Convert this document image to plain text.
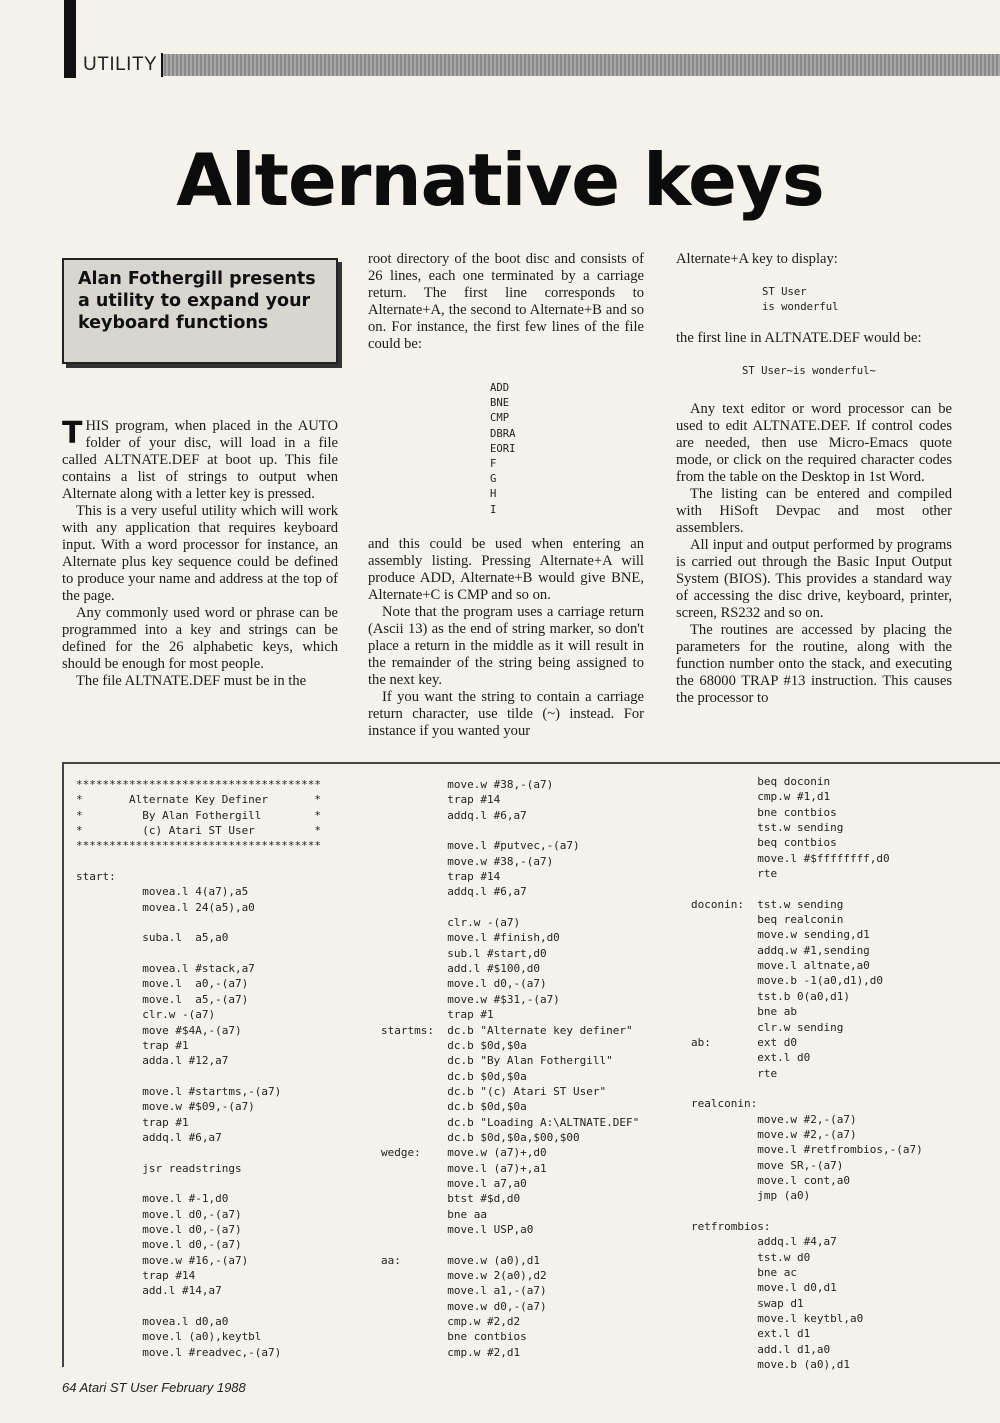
UTILITY
Alternative keys
Alan Fothergill presents a utility to expand your keyboard functions

THIS program, when placed in the AUTO folder of your disc, will load in a file called ALTNATE.DEF at boot up. This file contains a list of strings to output when Alternate along with a letter key is pressed.

This is a very useful utility which will work with any application that requires keyboard input. With a word processor for instance, an Alternate plus key sequence could be defined to produce your name and address at the top of the page.

Any commonly used word or phrase can be programmed into a key and strings can be defined for the 26 alphabetic keys, which should be enough for most people.

The file ALTNATE.DEF must be in the

root directory of the boot disc and consists of 26 lines, each one terminated by a carriage return. The first line corresponds to Alternate+A, the second to Alternate+B and so on. For instance, the first few lines of the file could be:

ADD
BNE
CMP
DBRA
EORI
F
G
H
I

and this could be used when entering an assembly listing. Pressing Alternate+A will produce ADD, Alternate+B would give BNE, Alternate+C is CMP and so on.

Note that the program uses a carriage return (Ascii 13) as the end of string marker, so don't place a return in the middle as it will result in the remainder of the string being assigned to the next key.

If you want the string to contain a carriage return character, use tilde (~) instead. For instance if you wanted your

Alternate+A key to display:

ST User
is wonderful

the first line in ALTNATE.DEF would be:

ST User~is wonderful~

Any text editor or word processor can be used to edit ALTNATE.DEF. If control codes are needed, then use Micro-Emacs quote mode, or click on the required character codes from the table on the Desktop in 1st Word.

The listing can be entered and compiled with HiSoft Devpac and most other assemblers.

All input and output performed by programs is carried out through the Basic Input Output System (BIOS). This provides a standard way of accessing the disc drive, keyboard, printer, screen, RS232 and so on.

The routines are accessed by placing the parameters for the routine, along with the function number onto the stack, and executing the 68000 TRAP #13 instruction. This causes the processor to

*************************************
*       Alternate Key Definer       *
*         By Alan Fothergill        *
*         (c) Atari ST User         *
*************************************

start:
movea.l 4(a7),a5
movea.l 24(a5),a0

suba.l  a5,a0

movea.l #stack,a7
move.l  a0,-(a7)
move.l  a5,-(a7)
clr.w -(a7)
move #$4A,-(a7)
trap #1
adda.l #12,a7

move.l #startms,-(a7)
move.w #$09,-(a7)
trap #1
addq.l #6,a7

jsr readstrings

move.l #-1,d0
move.l d0,-(a7)
move.l d0,-(a7)
move.l d0,-(a7)
move.w #16,-(a7)
trap #14
add.l #14,a7

movea.l d0,a0
move.l (a0),keytbl
move.l #readvec,-(a7)
move.w #38,-(a7)
trap #14
addq.l #6,a7

move.l #putvec,-(a7)
move.w #38,-(a7)
trap #14
addq.l #6,a7

clr.w -(a7)
move.l #finish,d0
sub.l #start,d0
add.l #$100,d0
move.l d0,-(a7)
move.w #$31,-(a7)
trap #1
startms:  dc.b "Alternate key definer"
dc.b $0d,$0a
dc.b "By Alan Fothergill"
dc.b $0d,$0a
dc.b "(c) Atari ST User"
dc.b $0d,$0a
dc.b "Loading A:\ALTNATE.DEF"
dc.b $0d,$0a,$00,$00
wedge:    move.w (a7)+,d0
move.l (a7)+,a1
move.l a7,a0
btst #$d,d0
bne aa
move.l USP,a0

aa:       move.w (a0),d1
move.w 2(a0),d2
move.l a1,-(a7)
move.w d0,-(a7)
cmp.w #2,d2
bne contbios
cmp.w #2,d1
beq doconin
cmp.w #1,d1
bne contbios
tst.w sending
beq contbios
move.l #$ffffffff,d0
rte

doconin:  tst.w sending
beq realconin
move.w sending,d1
addq.w #1,sending
move.l altnate,a0
move.b -1(a0,d1),d0
tst.b 0(a0,d1)
bne ab
clr.w sending
ab:       ext d0
ext.l d0
rte

realconin:
move.w #2,-(a7)
move.w #2,-(a7)
move.l #retfrombios,-(a7)
move SR,-(a7)
move.l cont,a0
jmp (a0)

retfrombios:
addq.l #4,a7
tst.w d0
bne ac
move.l d0,d1
swap d1
move.l keytbl,a0
ext.l d1
add.l d1,a0
move.b (a0),d1
64 Atari ST User February 1988
